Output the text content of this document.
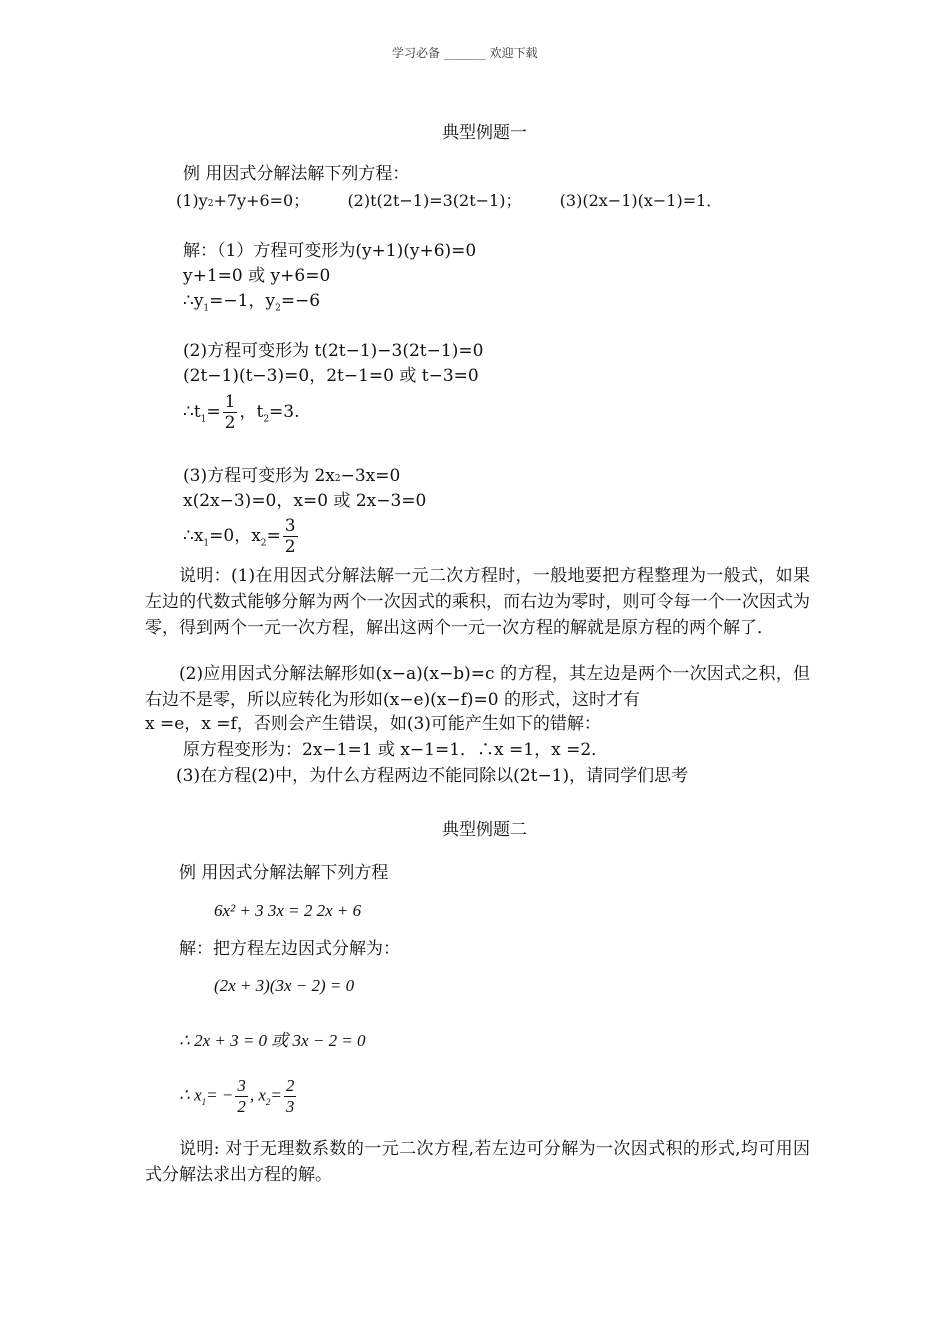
学习必备 _______ 欢迎下载
典型例题一
例 用因式分解法解下列方程：
(1)y2+7y+6=0； (2)t(2t−1)=3(2t−1)； (3)(2x−1)(x−1)=1．
解：（1）方程可变形为(y+1)(y+6)=0
y+1=0 或 y+6=0
$\therefore y_1=-1$，$y_2=-6$
(2)方程可变形为 t(2t−1)−3(2t−1)=0
(2t−1)(t−3)=0，2t−1=0 或 t−3=0
$\therefore t_1= \frac{1}{2}$ ，$t_2=3$.
(3)方程可变形为 2x2−3x=0
x(2x−3)=0，x=0 或 2x−3=0
$\therefore x_1=0$，$x_2= \frac{3}{2}$
说明：(1)在用因式分解法解一元二次方程时，一般地要把方程整理为一般式，如果左边的代数式能够分解为两个一次因式的乘积，而右边为零时，则可令每一个一次因式为零，得到两个一元一次方程，解出这两个一元一次方程的解就是原方程的两个解了．
(2)应用因式分解法解形如(x−a)(x−b)=c 的方程，其左边是两个一次因式之积，但右边不是零，所以应转化为形如(x−e)(x−f)=0 的形式，这时才有
x =e，x =f，否则会产生错误，如(3)可能产生如下的错解：
原方程变形为：2x−1=1 或 x−1=1．∴x =1，x =2．
(3)在方程(2)中，为什么方程两边不能同除以(2t−1)，请同学们思考
典型例题二
例 用因式分解法解下列方程
6x² + 3 3x = 2 2x + 6
解：把方程左边因式分解为：
(2x + 3)(3x − 2) = 0
∴ 2x + 3 = 0 或 3x − 2 = 0
∴ $x_1= - \frac{3}{2}$ , $x_2= \frac{2}{3}$
说明: 对于无理数系数的一元二次方程,若左边可分解为一次因式积的形式,均可用因式分解法求出方程的解。
